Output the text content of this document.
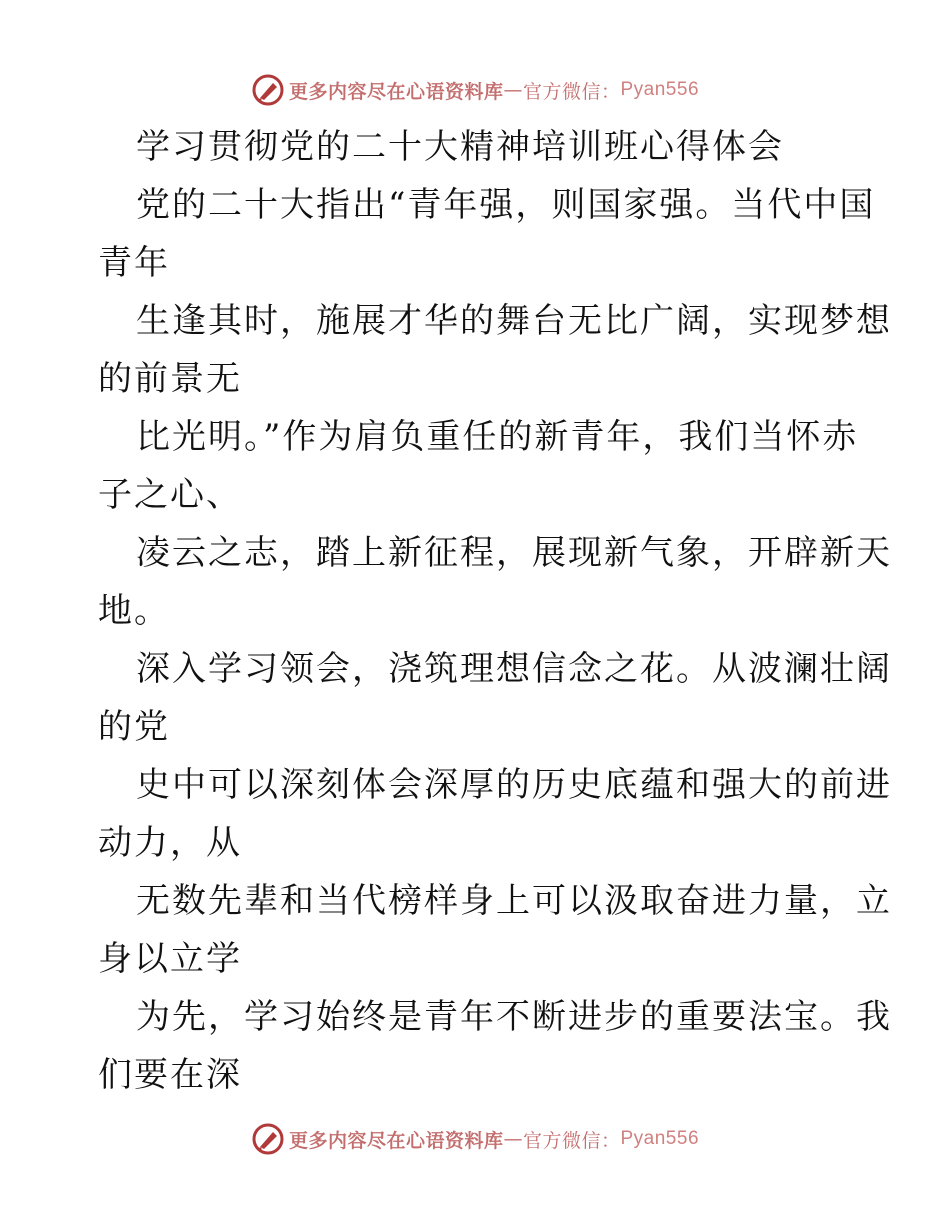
更多内容尽在心语资料库 — 官方微信： Pyan556
学习贯彻党的二十大精神培训班心得体会
党的二十大指出“青年强，则国家强。当代中国
青年
生逢其时，施展才华的舞台无比广阔，实现梦想
的前景无
比光明。”作为肩负重任的新青年，我们当怀赤
子之心、
凌云之志，踏上新征程，展现新气象，开辟新天
地。
深入学习领会，浇筑理想信念之花。从波澜壮阔
的党
史中可以深刻体会深厚的历史底蕴和强大的前进
动力，从
无数先辈和当代榜样身上可以汲取奋进力量，立
身以立学
为先，学习始终是青年不断进步的重要法宝。我
们要在深
更多内容尽在心语资料库 — 官方微信： Pyan556
